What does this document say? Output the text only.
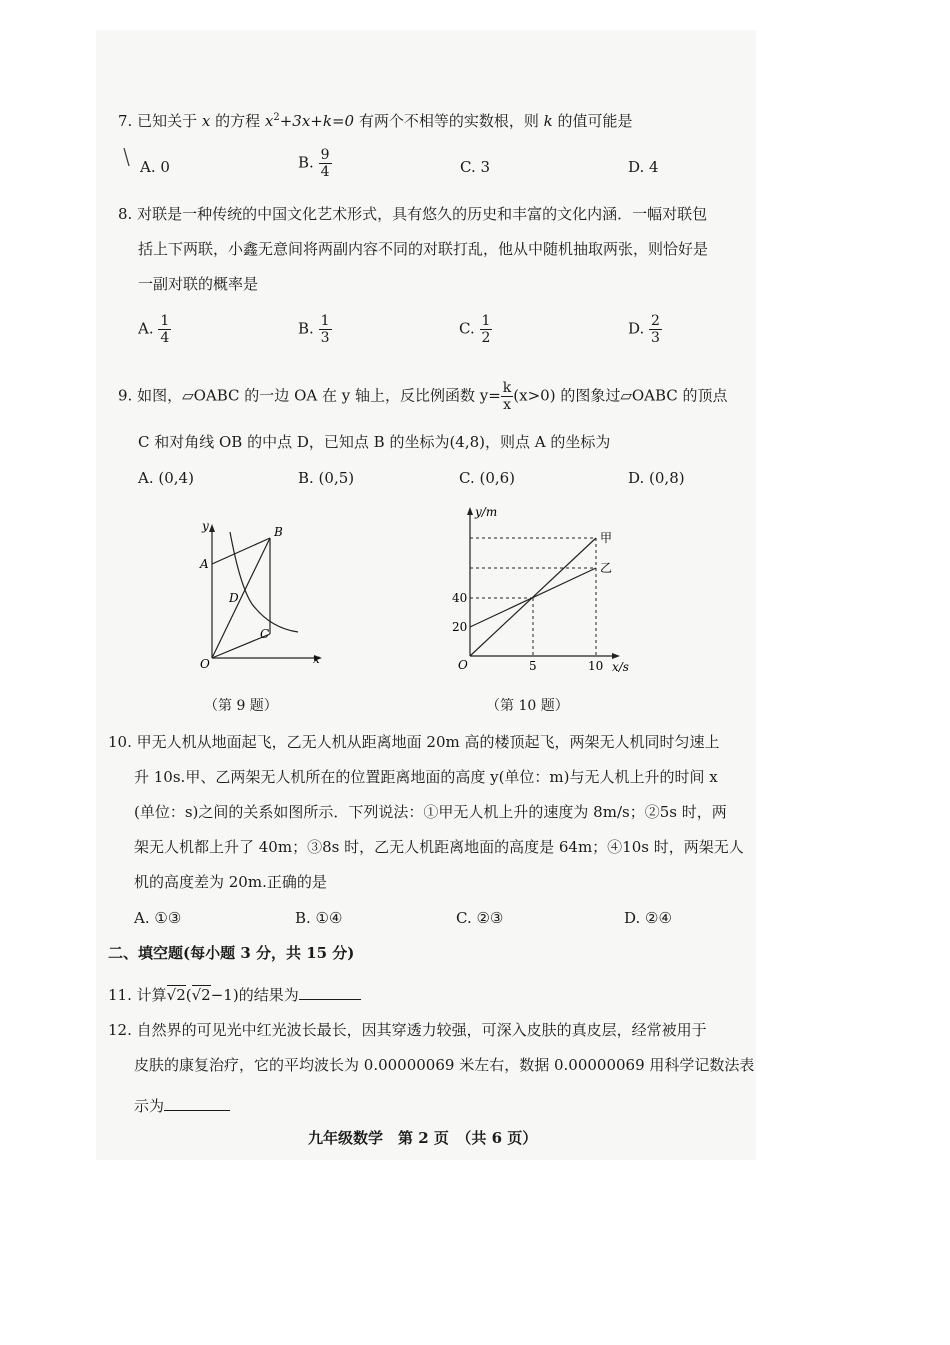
7. 已知关于 x 的方程 $x^2+3x+k=0$ 有两个不相等的实数根，则 k 的值可能是
A. 0	B. $\frac{9}{4}$	C. 3	D. 4
8. 对联是一种传统的中国文化艺术形式，具有悠久的历史和丰富的文化内涵．一幅对联包
括上下两联，小鑫无意间将两副内容不同的对联打乱，他从中随机抽取两张，则恰好是
一副对联的概率是
A. $\frac{1}{4}$	B. $\frac{1}{3}$	C. $\frac{1}{2}$	D. $\frac{2}{3}$
9. 如图，▱OABC 的一边 OA 在 y 轴上，反比例函数 $y= \frac{k}{x} (x>0)$ 的图象过▱OABC 的顶点
C 和对角线 OB 的中点 D，已知点 B 的坐标为(4,8)，则点 A 的坐标为
A. (0,4)	B. (0,5)	C. (0,6)	D. (0,8)
y
x
O
A
B
C
D
（第 9 题）
y/m
x/s
O
甲
乙
40
20
5	10
（第 10 题）
10. 甲无人机从地面起飞，乙无人机从距离地面 20m 高的楼顶起飞，两架无人机同时匀速上
升 10s.甲、乙两架无人机所在的位置距离地面的高度 y(单位：m)与无人机上升的时间 x
(单位：s)之间的关系如图所示．下列说法：①甲无人机上升的速度为 8m/s；②5s 时，两
架无人机都上升了 40m；③8s 时，乙无人机距离地面的高度是 64m；④10s 时，两架无人
机的高度差为 20m.正确的是
A. ①③	B. ①④	C. ②③	D. ②④
二、填空题(每小题 3 分，共 15 分)
11. 计算√2(√2−1)的结果为
12. 自然界的可见光中红光波长最长，因其穿透力较强，可深入皮肤的真皮层，经常被用于
皮肤的康复治疗，它的平均波长为 0.00000069 米左右，数据 0.00000069 用科学记数法表
示为
九年级数学　第 2 页　（共 6 页）
